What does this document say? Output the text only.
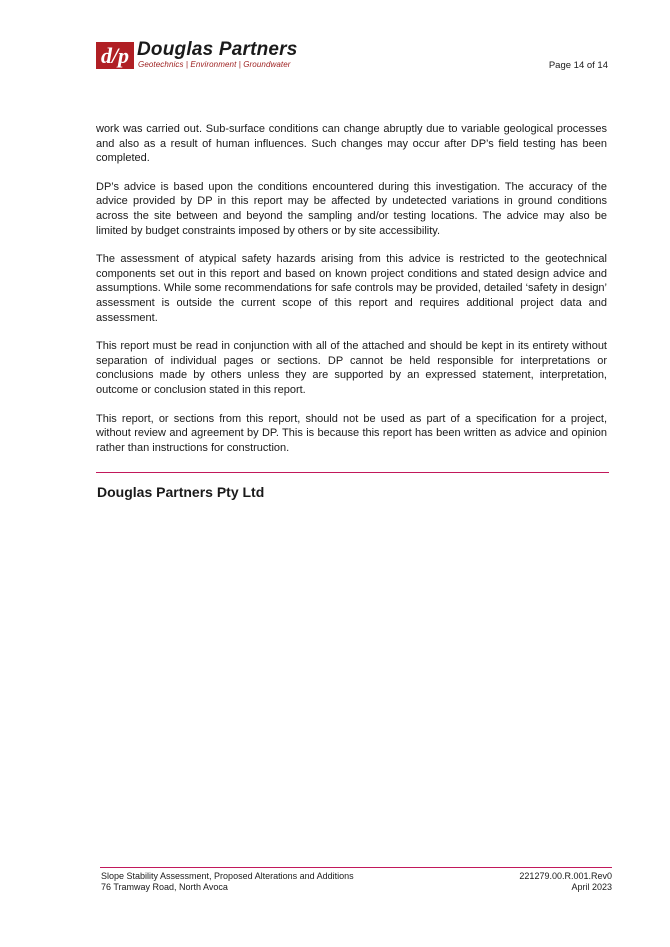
d/p Douglas Partners
Geotechnics | Environment | Groundwater	Page 14 of 14

work was carried out. Sub-surface conditions can change abruptly due to variable geological processes and also as a result of human influences. Such changes may occur after DP’s field testing has been completed.

DP’s advice is based upon the conditions encountered during this investigation. The accuracy of the advice provided by DP in this report may be affected by undetected variations in ground conditions across the site between and beyond the sampling and/or testing locations. The advice may also be limited by budget constraints imposed by others or by site accessibility.

The assessment of atypical safety hazards arising from this advice is restricted to the geotechnical components set out in this report and based on known project conditions and stated design advice and assumptions. While some recommendations for safe controls may be provided, detailed ‘safety in design’ assessment is outside the current scope of this report and requires additional project data and assessment.

This report must be read in conjunction with all of the attached and should be kept in its entirety without separation of individual pages or sections. DP cannot be held responsible for interpretations or conclusions made by others unless they are supported by an expressed statement, interpretation, outcome or conclusion stated in this report.

This report, or sections from this report, should not be used as part of a specification for a project, without review and agreement by DP. This is because this report has been written as advice and opinion rather than instructions for construction.

Douglas Partners Pty Ltd
Slope Stability Assessment, Proposed Alterations and Additions
76 Tramway Road, North Avoca
221279.00.R.001.Rev0
April 2023
